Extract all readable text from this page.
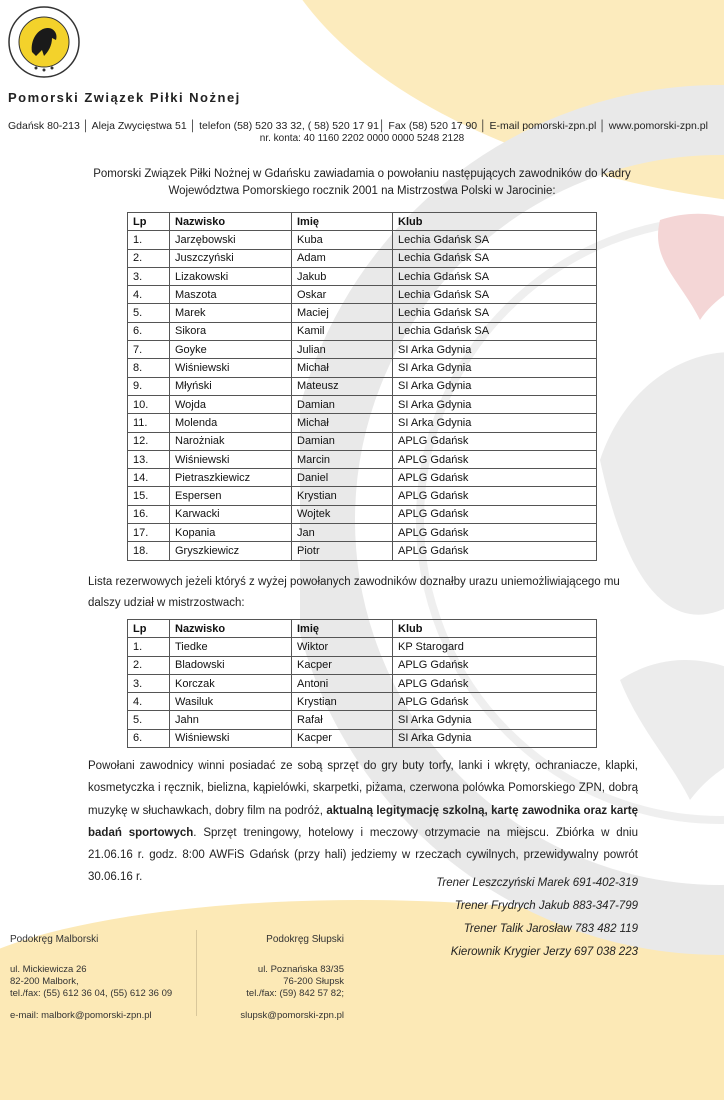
Pomorski Związek Piłki Nożnej
Gdańsk 80-213 │ Aleja Zwycięstwa 51 │ telefon (58) 520 33 32, ( 58) 520 17 91│ Fax (58) 520 17 90 │ E-mail pomorski-zpn.pl │ www.pomorski-zpn.pl
nr. konta: 40 1160 2202 0000 0000 5248 2128
Pomorski Związek Piłki Nożnej w Gdańsku zawiadamia o powołaniu następujących zawodników do Kadry Województwa Pomorskiego rocznik 2001 na Mistrzostwa Polski w Jarocinie:
Lp	Nazwisko	Imię	Klub
1.	Jarzębowski	Kuba	Lechia Gdańsk SA
2.	Juszczyński	Adam	Lechia Gdańsk SA
3.	Lizakowski	Jakub	Lechia Gdańsk SA
4.	Maszota	Oskar	Lechia Gdańsk SA
5.	Marek	Maciej	Lechia Gdańsk SA
6.	Sikora	Kamil	Lechia Gdańsk SA
7.	Goyke	Julian	SI Arka Gdynia
8.	Wiśniewski	Michał	SI Arka Gdynia
9.	Młyński	Mateusz	SI Arka Gdynia
10.	Wojda	Damian	SI Arka Gdynia
11.	Molenda	Michał	SI Arka Gdynia
12.	Narożniak	Damian	APLG Gdańsk
13.	Wiśniewski	Marcin	APLG Gdańsk
14.	Pietraszkiewicz	Daniel	APLG Gdańsk
15.	Espersen	Krystian	APLG Gdańsk
16.	Karwacki	Wojtek	APLG Gdańsk
17.	Kopania	Jan	APLG Gdańsk
18.	Gryszkiewicz	Piotr	APLG Gdańsk
Lista rezerwowych jeżeli któryś z wyżej powołanych zawodników doznałby urazu uniemożliwiającego mu dalszy udział w mistrzostwach:
Lp	Nazwisko	Imię	Klub
1.	Tiedke	Wiktor	KP Starogard
2.	Bladowski	Kacper	APLG Gdańsk
3.	Korczak	Antoni	APLG Gdańsk
4.	Wasiluk	Krystian	APLG Gdańsk
5.	Jahn	Rafał	SI Arka Gdynia
6.	Wiśniewski	Kacper	SI Arka Gdynia
Powołani zawodnicy winni posiadać ze sobą sprzęt do gry buty torfy, lanki i wkręty, ochraniacze, klapki, kosmetyczka i ręcznik, bielizna, kąpielówki, skarpetki, piżama, czerwona polówka Pomorskiego ZPN, dobrą muzykę w słuchawkach, dobry film na podróż, aktualną legitymację szkolną, kartę zawodnika oraz kartę badań sportowych. Sprzęt treningowy, hotelowy i meczowy otrzymacie na miejscu. Zbiórka w dniu 21.06.16 r. godz. 8:00 AWFiS Gdańsk (przy hali) jedziemy w rzeczach cywilnych, przewidywalny powrót 30.06.16 r.	Trener Leszczyński Marek 691-402-319
Trener Frydrych Jakub 883-347-799
Trener Talik Jarosław 783 482 119
Kierownik Krygier Jerzy 697 038 223
Podokręg Malborski
ul. Mickiewicza 26
82-200 Malbork,
tel./fax: (55) 612 36 04, (55) 612 36 09
e-mail: malbork@pomorski-zpn.pl
Podokręg Słupski
ul. Poznańska 83/35
76-200 Słupsk
tel./fax: (59) 842 57 82;
slupsk@pomorski-zpn.pl
